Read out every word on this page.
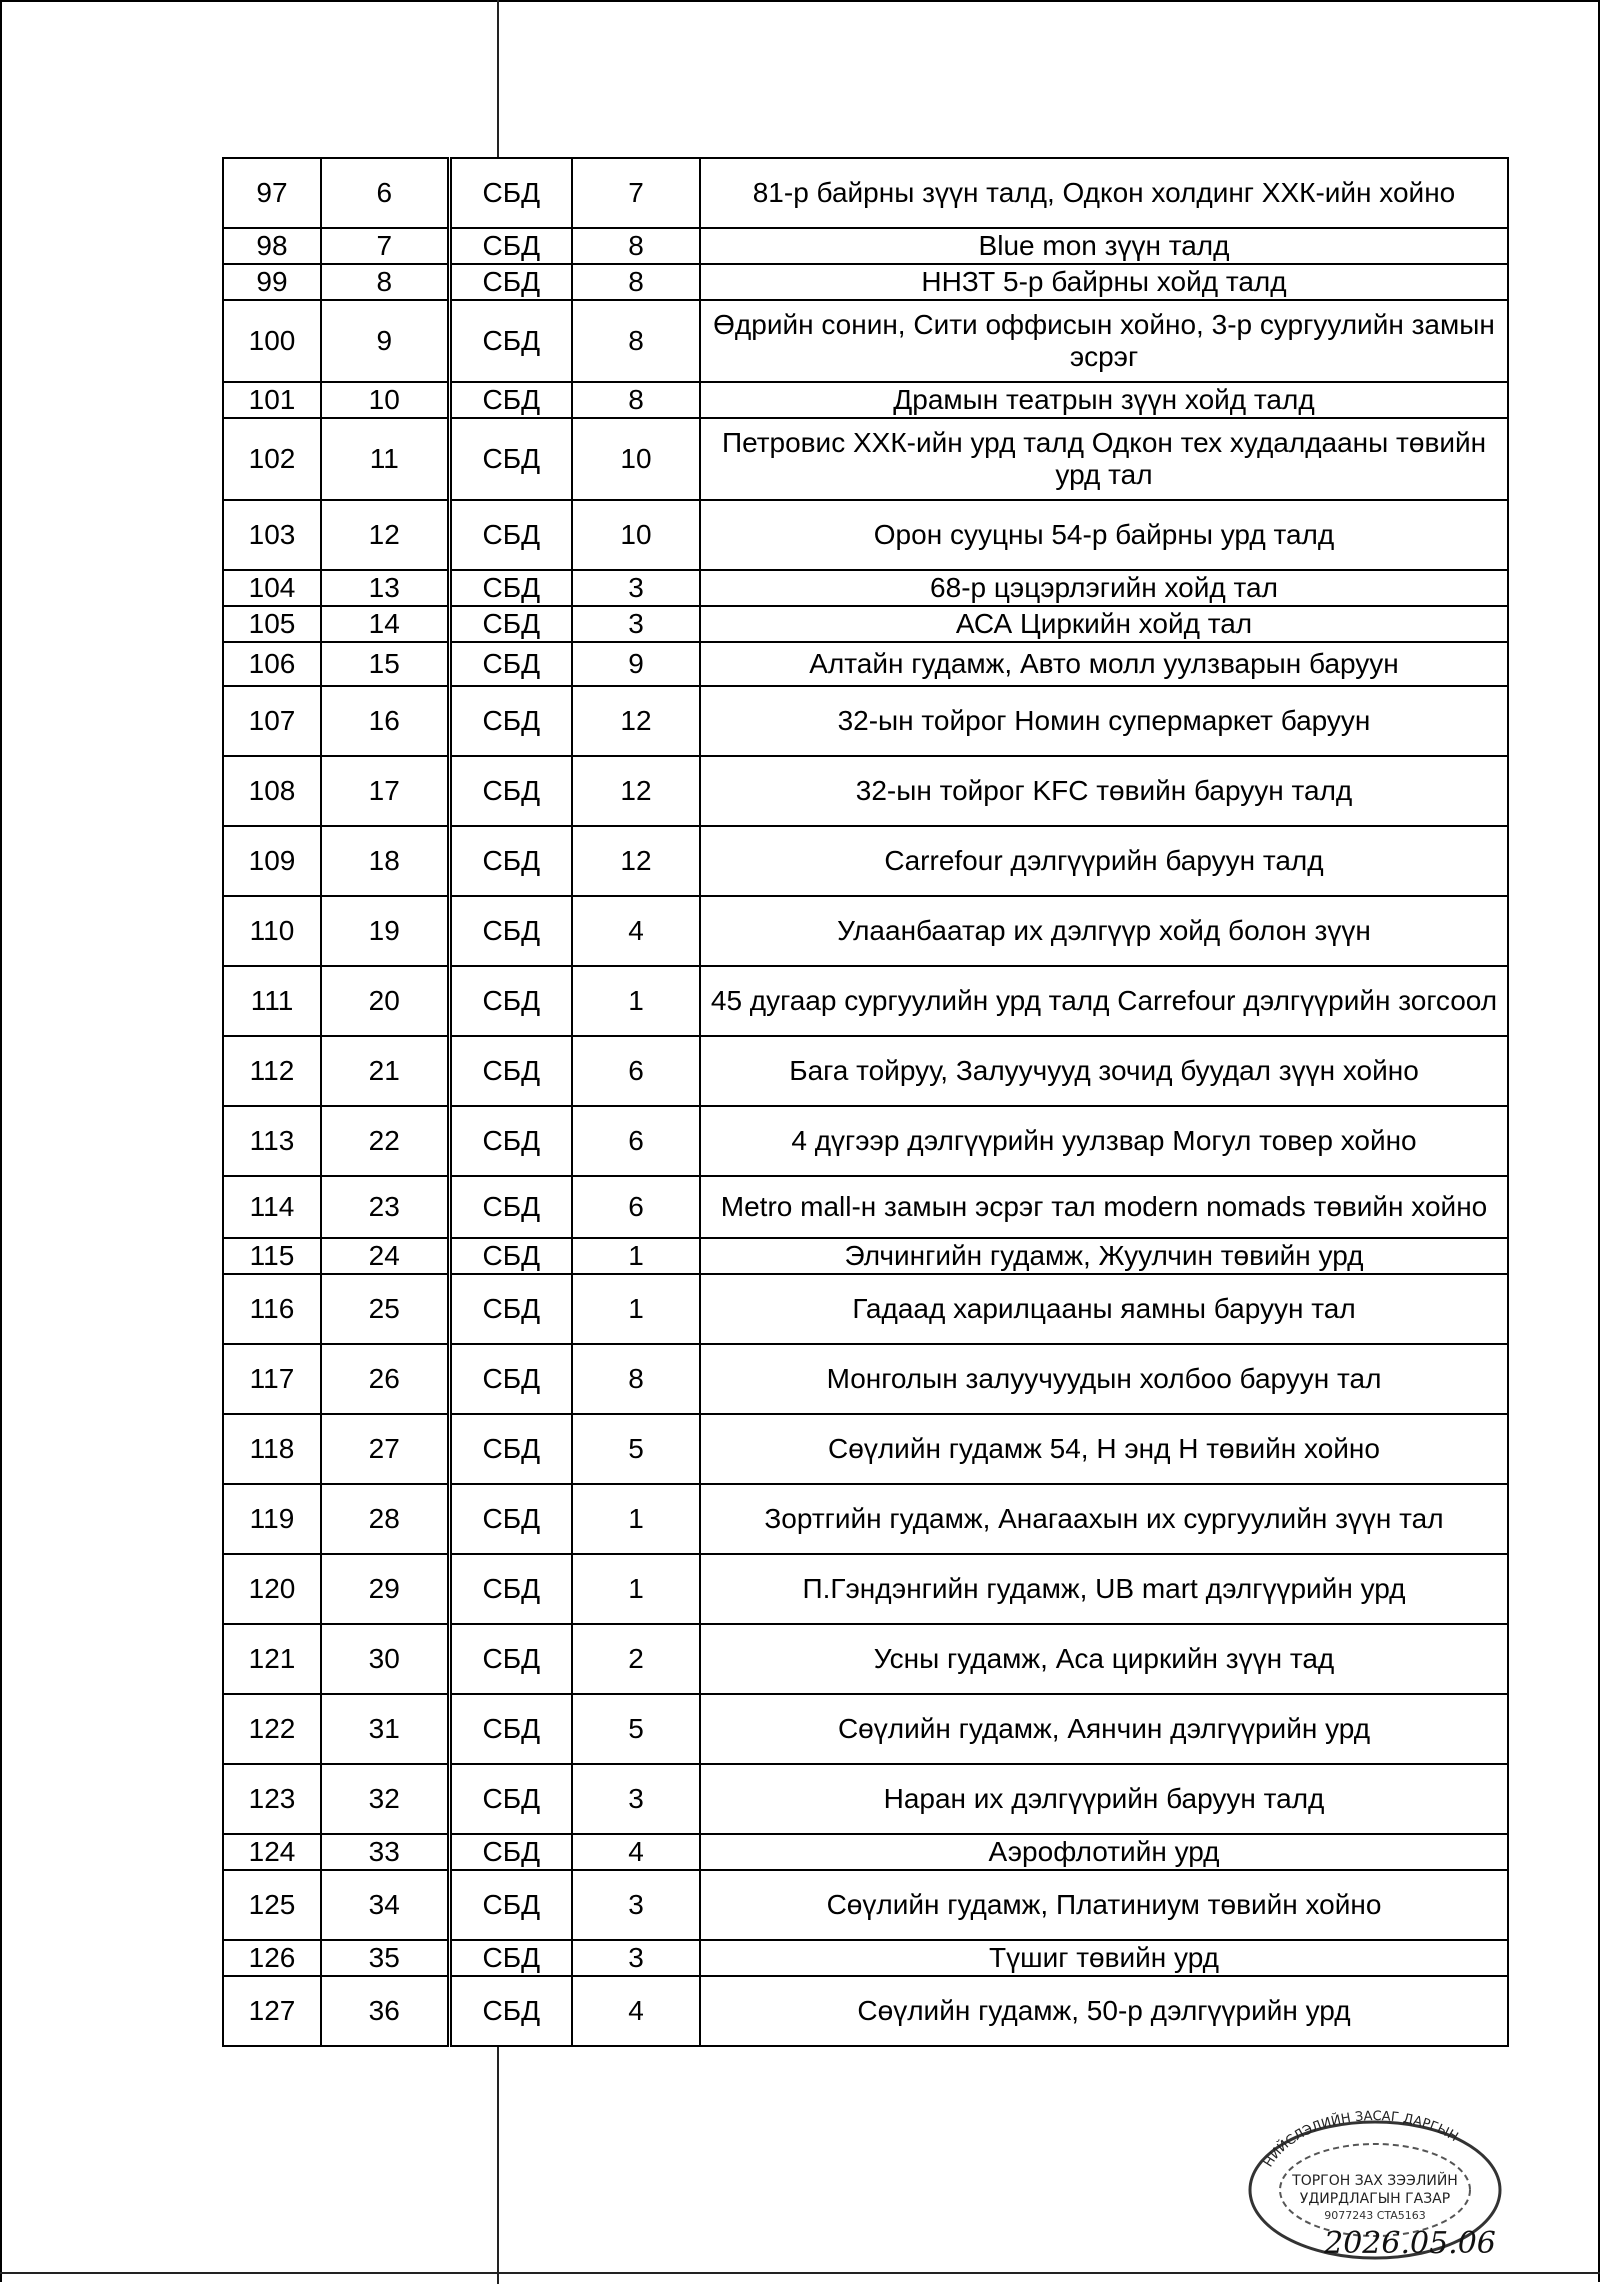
97	6	СБД	7	81-р байрны зүүн талд, Одкон холдинг ХХК-ийн хойно
98	7	СБД	8	Blue mon зүүн талд
99	8	СБД	8	ННЗТ 5-р байрны хойд талд
100	9	СБД	8	Өдрийн сонин, Сити оффисын хойно, 3-р сургуулийн замын эсрэг
101	10	СБД	8	Драмын театрын зүүн хойд талд
102	11	СБД	10	Петровис ХХК-ийн урд талд Одкон тех худалдааны төвийн урд тал
103	12	СБД	10	Орон сууцны 54-р байрны урд талд
104	13	СБД	3	68-р цэцэрлэгийн хойд тал
105	14	СБД	3	АСА Циркийн хойд тал
106	15	СБД	9	Алтайн гудамж, Авто молл уулзварын баруун
107	16	СБД	12	32-ын тойрог Номин супермаркет баруун
108	17	СБД	12	32-ын тойрог KFC төвийн баруун талд
109	18	СБД	12	Carrefour дэлгүүрийн баруун талд
110	19	СБД	4	Улаанбаатар их дэлгүүр хойд болон зүүн
111	20	СБД	1	45 дугаар сургуулийн урд талд Carrefour дэлгүүрийн зогсоол
112	21	СБД	6	Бага тойруу, Залуучууд зочид буудал зүүн хойно
113	22	СБД	6	4 дүгээр дэлгүүрийн уулзвар Могул товер хойно
114	23	СБД	6	Metro mall-н замын эсрэг тал modern nomads төвийн хойно
115	24	СБД	1	Элчингийн гудамж, Жуулчин төвийн урд
116	25	СБД	1	Гадаад харилцааны яамны баруун тал
117	26	СБД	8	Монголын залуучуудын холбоо баруун тал
118	27	СБД	5	Сөүлийн гудамж 54, Н энд Н төвийн хойно
119	28	СБД	1	Зортгийн гудамж, Анагаахын их сургуулийн зүүн тал
120	29	СБД	1	П.Гэндэнгийн гудамж, UB mart дэлгүүрийн урд
121	30	СБД	2	Усны гудамж, Аса циркийн зүүн тад
122	31	СБД	5	Сөүлийн гудамж, Аянчин дэлгүүрийн урд
123	32	СБД	3	Наран их дэлгүүрийн баруун талд
124	33	СБД	4	Аэрофлотийн урд
125	34	СБД	3	Сөүлийн гудамж, Платиниум төвийн хойно
126	35	СБД	3	Түшиг төвийн урд
127	36	СБД	4	Сөүлийн гудамж, 50-р дэлгүүрийн урд
НИЙСЛЭЛИЙН ЗАСАГ ДАРГЫН
ТОРГОН ЗАХ ЗЭЭЛИЙН
УДИРДЛАГЫН ГАЗАР
9077243 CTA5163
2026.05.06
